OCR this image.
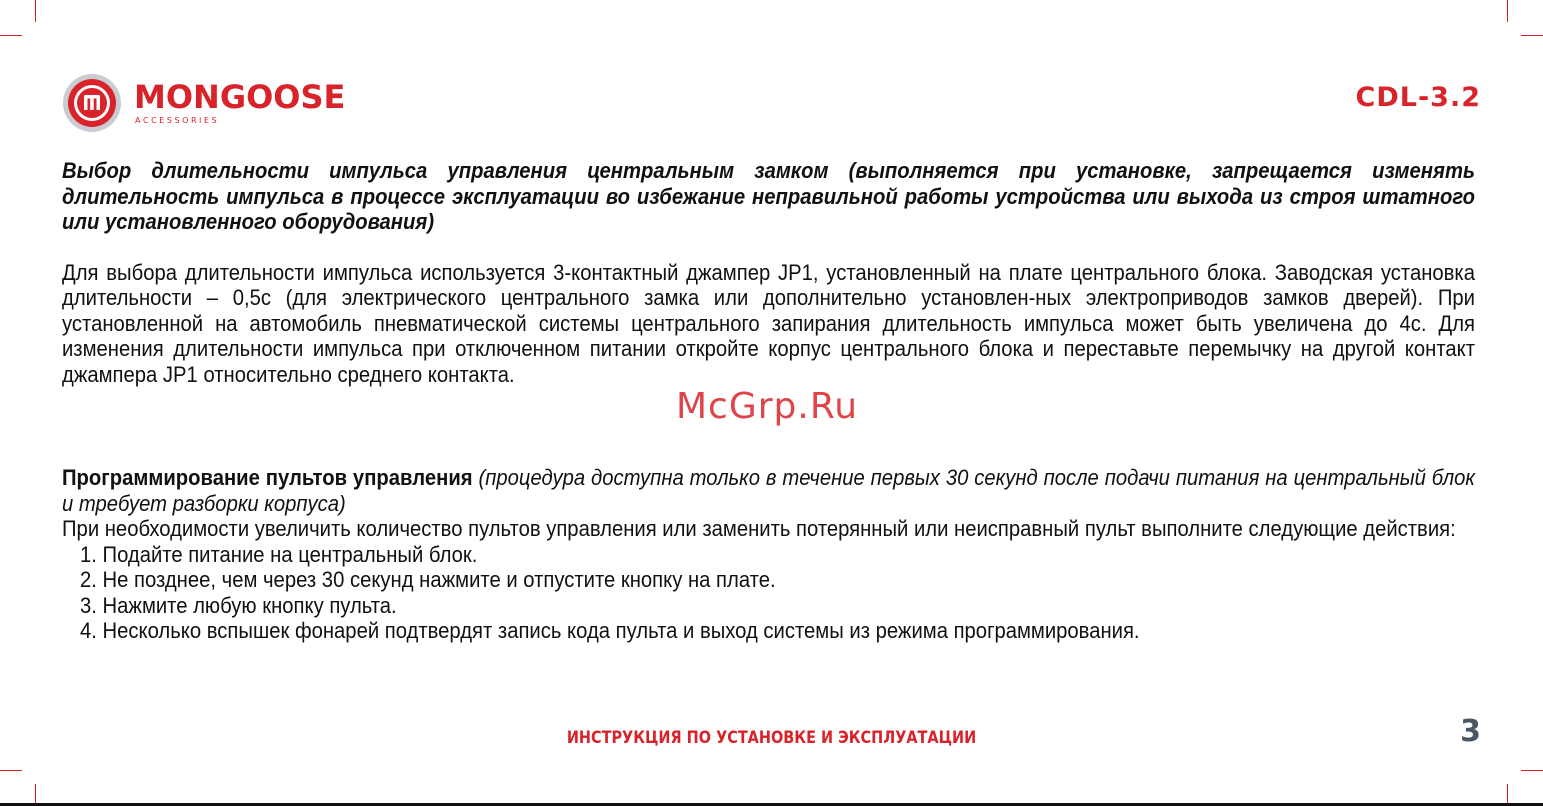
MONGOOSE
A C C E S S O R I E S
CDL-3.2

Выбор длительности импульса управления центральным замком (выполняется при установке, запрещается изменять длительность импульса в процессе эксплуатации во избежание неправильной работы устройства или выхода из строя штатного или установленного оборудования)

Для выбора длительности импульса используется 3-контактный джампер JP1, установленный на плате центрального блока. Заводская установка длительности – 0,5с (для электрического центрального замка или дополнительно установлен-ных электроприводов замков дверей). При установленной на автомобиль пневматической системы центрального запирания длительность импульса может быть увеличена до 4с. Для изменения длительности импульса при отключенном питании откройте корпус центрального блока и переставьте перемычку на другой контакт джампера JP1 относительно среднего контакта.

Программирование пультов управления (процедура доступна только в течение первых 30 секунд после подачи питания на центральный блок и требует разборки корпуса)

При необходимости увеличить количество пультов управления или заменить потерянный или неисправный пульт выполните следующие действия:

1. Подайте питание на центральный блок.
2. Не позднее, чем через 30 секунд нажмите и отпустите кнопку на плате.
3. Нажмите любую кнопку пульта.
4. Несколько вспышек фонарей подтвердят запись кода пульта и выход системы из режима программирования.
McGrp.Ru
ИНСТРУКЦИЯ ПО УСТАНОВКЕ И ЭКСПЛУАТАЦИИ	3
